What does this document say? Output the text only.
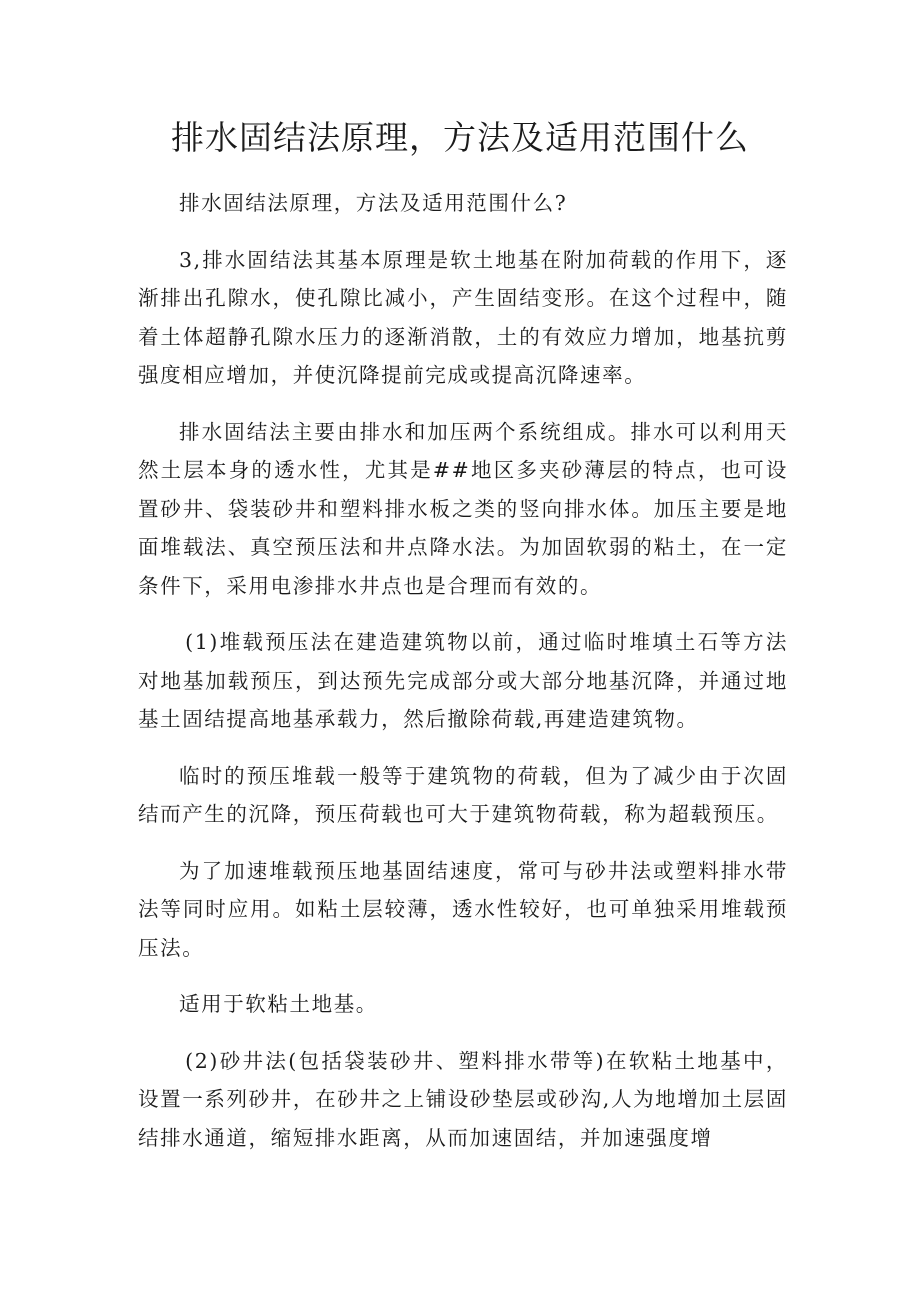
排水固结法原理，方法及适用范围什么

排水固结法原理，方法及适用范围什么?

3,排水固结法其基本原理是软土地基在附加荷载的作用下，逐渐排出孔隙水，使孔隙比减小，产生固结变形。在这个过程中，随着土体超静孔隙水压力的逐渐消散，土的有效应力增加，地基抗剪强度相应增加，并使沉降提前完成或提高沉降速率。

排水固结法主要由排水和加压两个系统组成。排水可以利用天然土层本身的透水性，尤其是##地区多夹砂薄层的特点，也可设置砂井、袋装砂井和塑料排水板之类的竖向排水体。加压主要是地面堆载法、真空预压法和井点降水法。为加固软弱的粘土，在一定条件下，采用电渗排水井点也是合理而有效的。

(1)堆载预压法在建造建筑物以前，通过临时堆填土石等方法对地基加载预压，到达预先完成部分或大部分地基沉降，并通过地基土固结提高地基承载力，然后撤除荷载,再建造建筑物。

临时的预压堆载一般等于建筑物的荷载，但为了减少由于次固结而产生的沉降，预压荷载也可大于建筑物荷载，称为超载预压。

为了加速堆载预压地基固结速度，常可与砂井法或塑料排水带法等同时应用。如粘土层较薄，透水性较好，也可单独采用堆载预压法。

适用于软粘土地基。

(2)砂井法(包括袋装砂井、塑料排水带等)在软粘土地基中，设置一系列砂井，在砂井之上铺设砂垫层或砂沟,人为地增加土层固结排水通道，缩短排水距离，从而加速固结，并加速强度增
